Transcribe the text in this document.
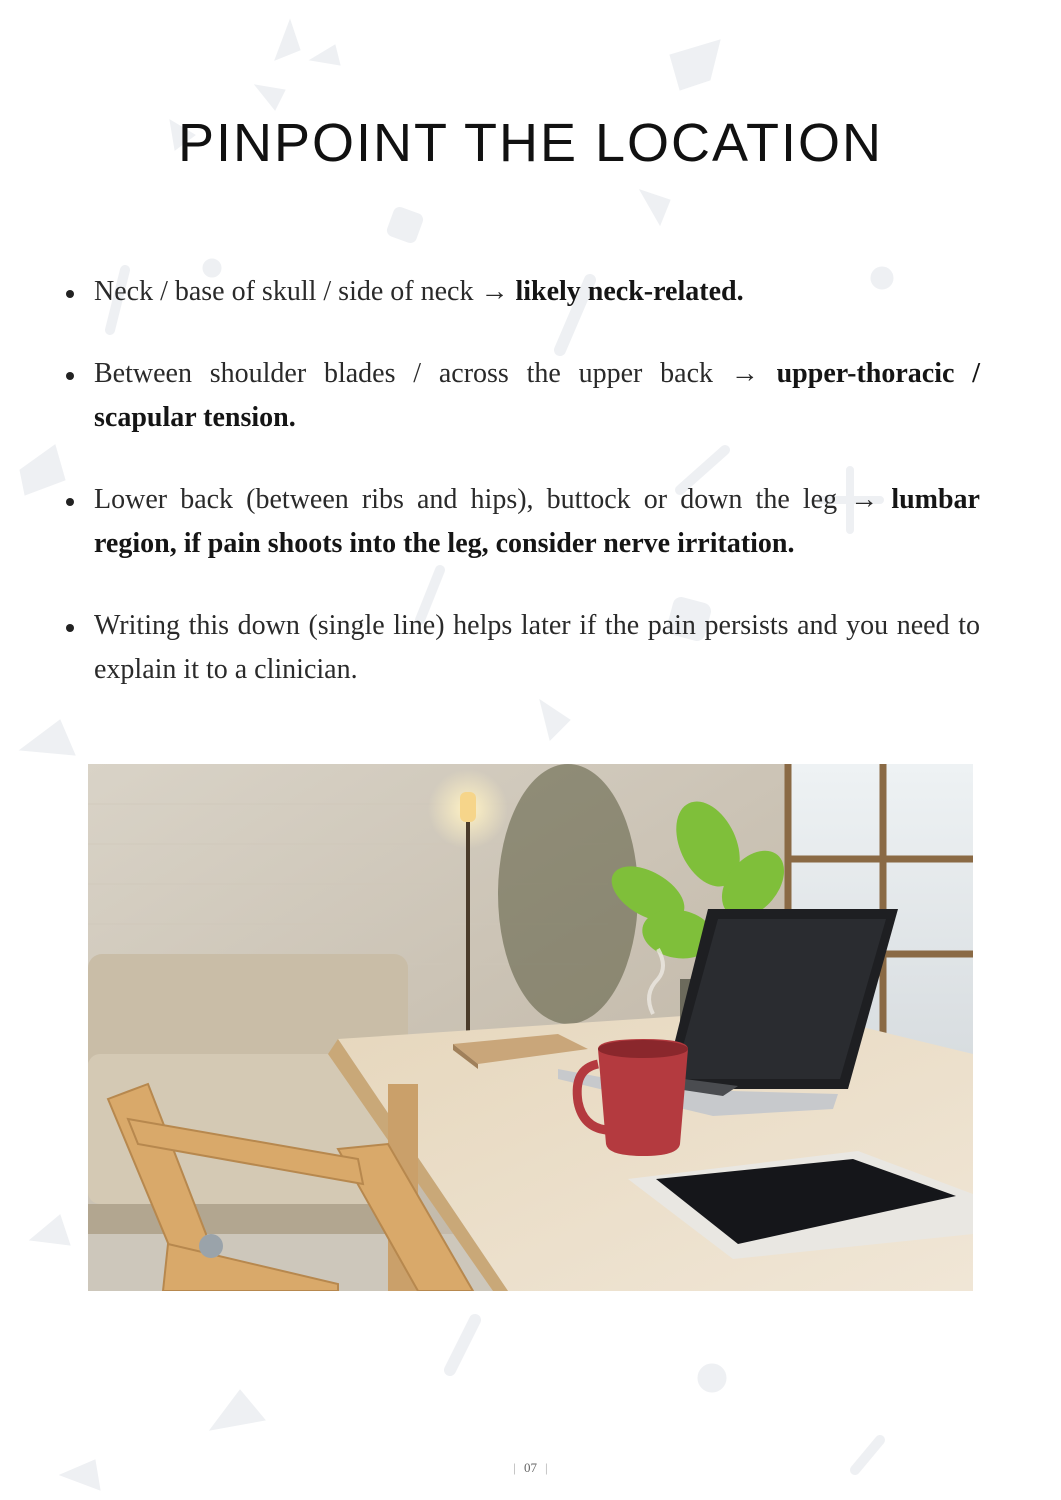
PINPOINT THE LOCATION
Neck / base of skull / side of neck → likely neck-related.
Between shoulder blades / across the upper back → upper-thoracic / scapular tension.
Lower back (between ribs and hips), buttock or down the leg → lumbar region, if pain shoots into the leg, consider nerve irritation.
Writing this down (single line) helps later if the pain persists and you need to explain it to a clinician.
| 07 |
